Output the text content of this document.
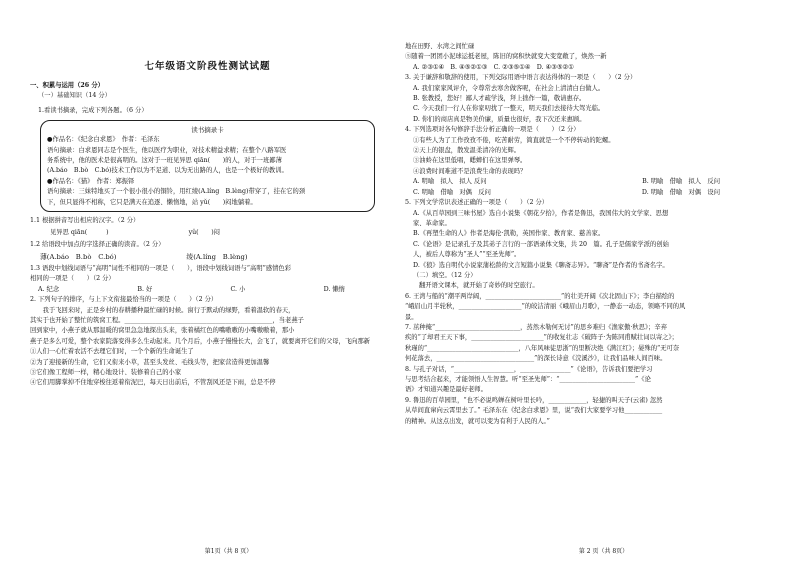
七年级语文阶段性测试试题
一、积累与运用（26 分）
（一）基础知识（14 分）
1.看读书摘录，完成下列各题。（6 分）
读书摘录卡
●作品名：《纪念白求恩》　作者：毛泽东
语句摘录：白求恩同志是个医生，他以医疗为职业，对技术精益求精；在整个八路军医
务系统中，他的医术是很高明的。这对于一班见异思 qiān(　　)的人，对于一班鄙薄
(A.báo　B.bò　C.bó)技术工作以为不足道、以为无出路的人，也是一个极好的教训。
●作品名：《猫》　作者：郑振铎
语句摘录：三妹特地买了一个很小很小的铜铃，用红绫(A.líng　B.lèng)带穿了，挂在它的颈
下，但只显得不相称，它只是满天在追逐、懒惰地，站 yǔ(　　)闷地躺着。
1.1 根据拼音写出相应的汉字。（2 分）
见异思 qiān(　　　)	yǔ(　　)闷
1.2 给语段中加点的字选择正确的读音。（2 分）
薄(A.báo　B.bò　C.bó)	绫(A.líng　B.lèng)
1.3 语段中划线词语与“高明”词性不相同的一项是（　　），语段中划线词语与“高明”感情色彩
相同的一项是（　　）（2 分）
A. 纪念	B. 好	C. 小	D. 懒惰
2. 下列句子的排序，与上下文衔接最恰当的一项是（　　）（2 分）
　　我于飞回来时，正是乡村的春耕播种最忙碌的时候。窗行于默动的绿野，看着温软的春天，
其实于也开始了整忙的筑窝工程。_______________________________________________，当老燕子
回到家中，小燕子就从那温暖的窝里急急地探出头来，张着橘红色的嘴嗷嗷的小嘴嗷嗷着，那小
燕子是多么可爱，整个农家院落变得多么生动起来。几个月后，小燕子慢慢长大，会飞了，就要离开它们的父母，飞向那新
①人们一心忙着农活不去理它们时，一个个新的生命诞生了
②为了迎接新的生命，它们又衔来小草，甚至头发丝、毛线头等，把家营造得更加温馨
③它们像工程师一样，精心地设计、装修着自己的小家
④它们用脚掌掉不住地穿梭往返着衔泥巴，每天日出前后，不管刮风还是下雨，总是不停
第1页（共 8 页）
地在田野、水湾之间忙碌
⑤随着一团团小泥球运抵老屋，陈旧的窝积快就变大变宽敞了，焕然一新
A. ②③①④　B. ④⑤②①③　C. ②③⑤①④　D. ④③⑤②①
3. 关于谦辞和敬辞的使用，下列交际用语中语言表达得体的一项是（　　）（2 分）
A. 我们家家风评介，令尊常去寒舍做客呢，在社会上清清白白做人。
B. 张教授，您好！鄙人才疏学浅，拜上拙作一篇，敬请惠存。
C. 今天我们一行人在你家叨扰了一整天，明天我们去接待大驾光临。
D. 你们的商店真是物美价廉，质量也很好，我下次还来惠顾。
4. 下列选项对各句修辞手法分析正确的一项是（　　）（2 分）
①有些人为了工作孜孜不倦，吃苦耐劳，简直就是一个不停转动的陀螺。
②天上的银盘，散发温柔清冷的光辉。
③油蛉在这里低唱，蟋蟀们在这里弹琴。
④浪费时间难道不是浪费生命的表现吗？
A. 明喻　拟人　拟人 反问	B. 明喻　借喻　拟人　反问
C. 明喻　借喻　对偶　反问	D. 明喻　借喻　对偶　设问
5. 下列文学常识表述正确的一项是（　　）（2 分）
A.《从百草园到三味书屋》选自小说集《朝花夕拾》，作者是鲁迅，我国伟大的文学家、思想
家、革命家。
B.《再塑生命的人》作者是海伦·凯勒，英国作家、教育家、慈善家。
C.《论语》是记录孔子及其弟子言行的一部语录体文集，共 20　篇。孔子是儒家学派的创始
人，被后人尊称为“圣人”“至圣先师”。
D.《狼》选自明代小说家蒲松龄的文言短篇小说集《聊斋志异》。“聊斋”是作者的书斋名字。
（二）填空。（12 分）
翻开语文课本，就开始了奇妙的时空旅行。
6. 王湾与船的“潮平两岸阔，________________________”的壮美开阔《次北固山下》；李白描绘的
“峨眉山月半轮秋，____________________”的皎洁清丽《峨眉山月歌》，一静态一动态，领略不同的风
景。
7. 茁种掩“___________________________，蒸然木勒何无讨”的思乡难归《渔家傲·秋思》；辛弃
疾的“了却君王天下事，_______________________”的收复壮志《破阵子·为陈同甫赋壮词以寄之》；
秋瑾的“_____________________________，八年风味徒思浙”的里断决绝《满江红》；晏殊的“无可奈
何花落去，_______________________________”的深长诗意《浣溪沙》，让我们品味人间百味。
8. 与孔子对话，“___________________，________________”《论语》，告诉我们要把学习
与思考结合起来，才能领悟人生智慧。听“至圣先师”：“________________________”《论
语》才知道兴趣是最好老师。
9. 鲁迅的百草园里，“也不必说鸣蝉在树叶里长吟，____________，轻捷的叫天子(云雀) 忽然
从草间直窜向云霄里去了。” 毛泽东在《纪念白求恩》里，说“我们大家要学习他____________
的精神。从这点出发，就可以变为有利于人民的人。”
第 2 页（共 8页）
